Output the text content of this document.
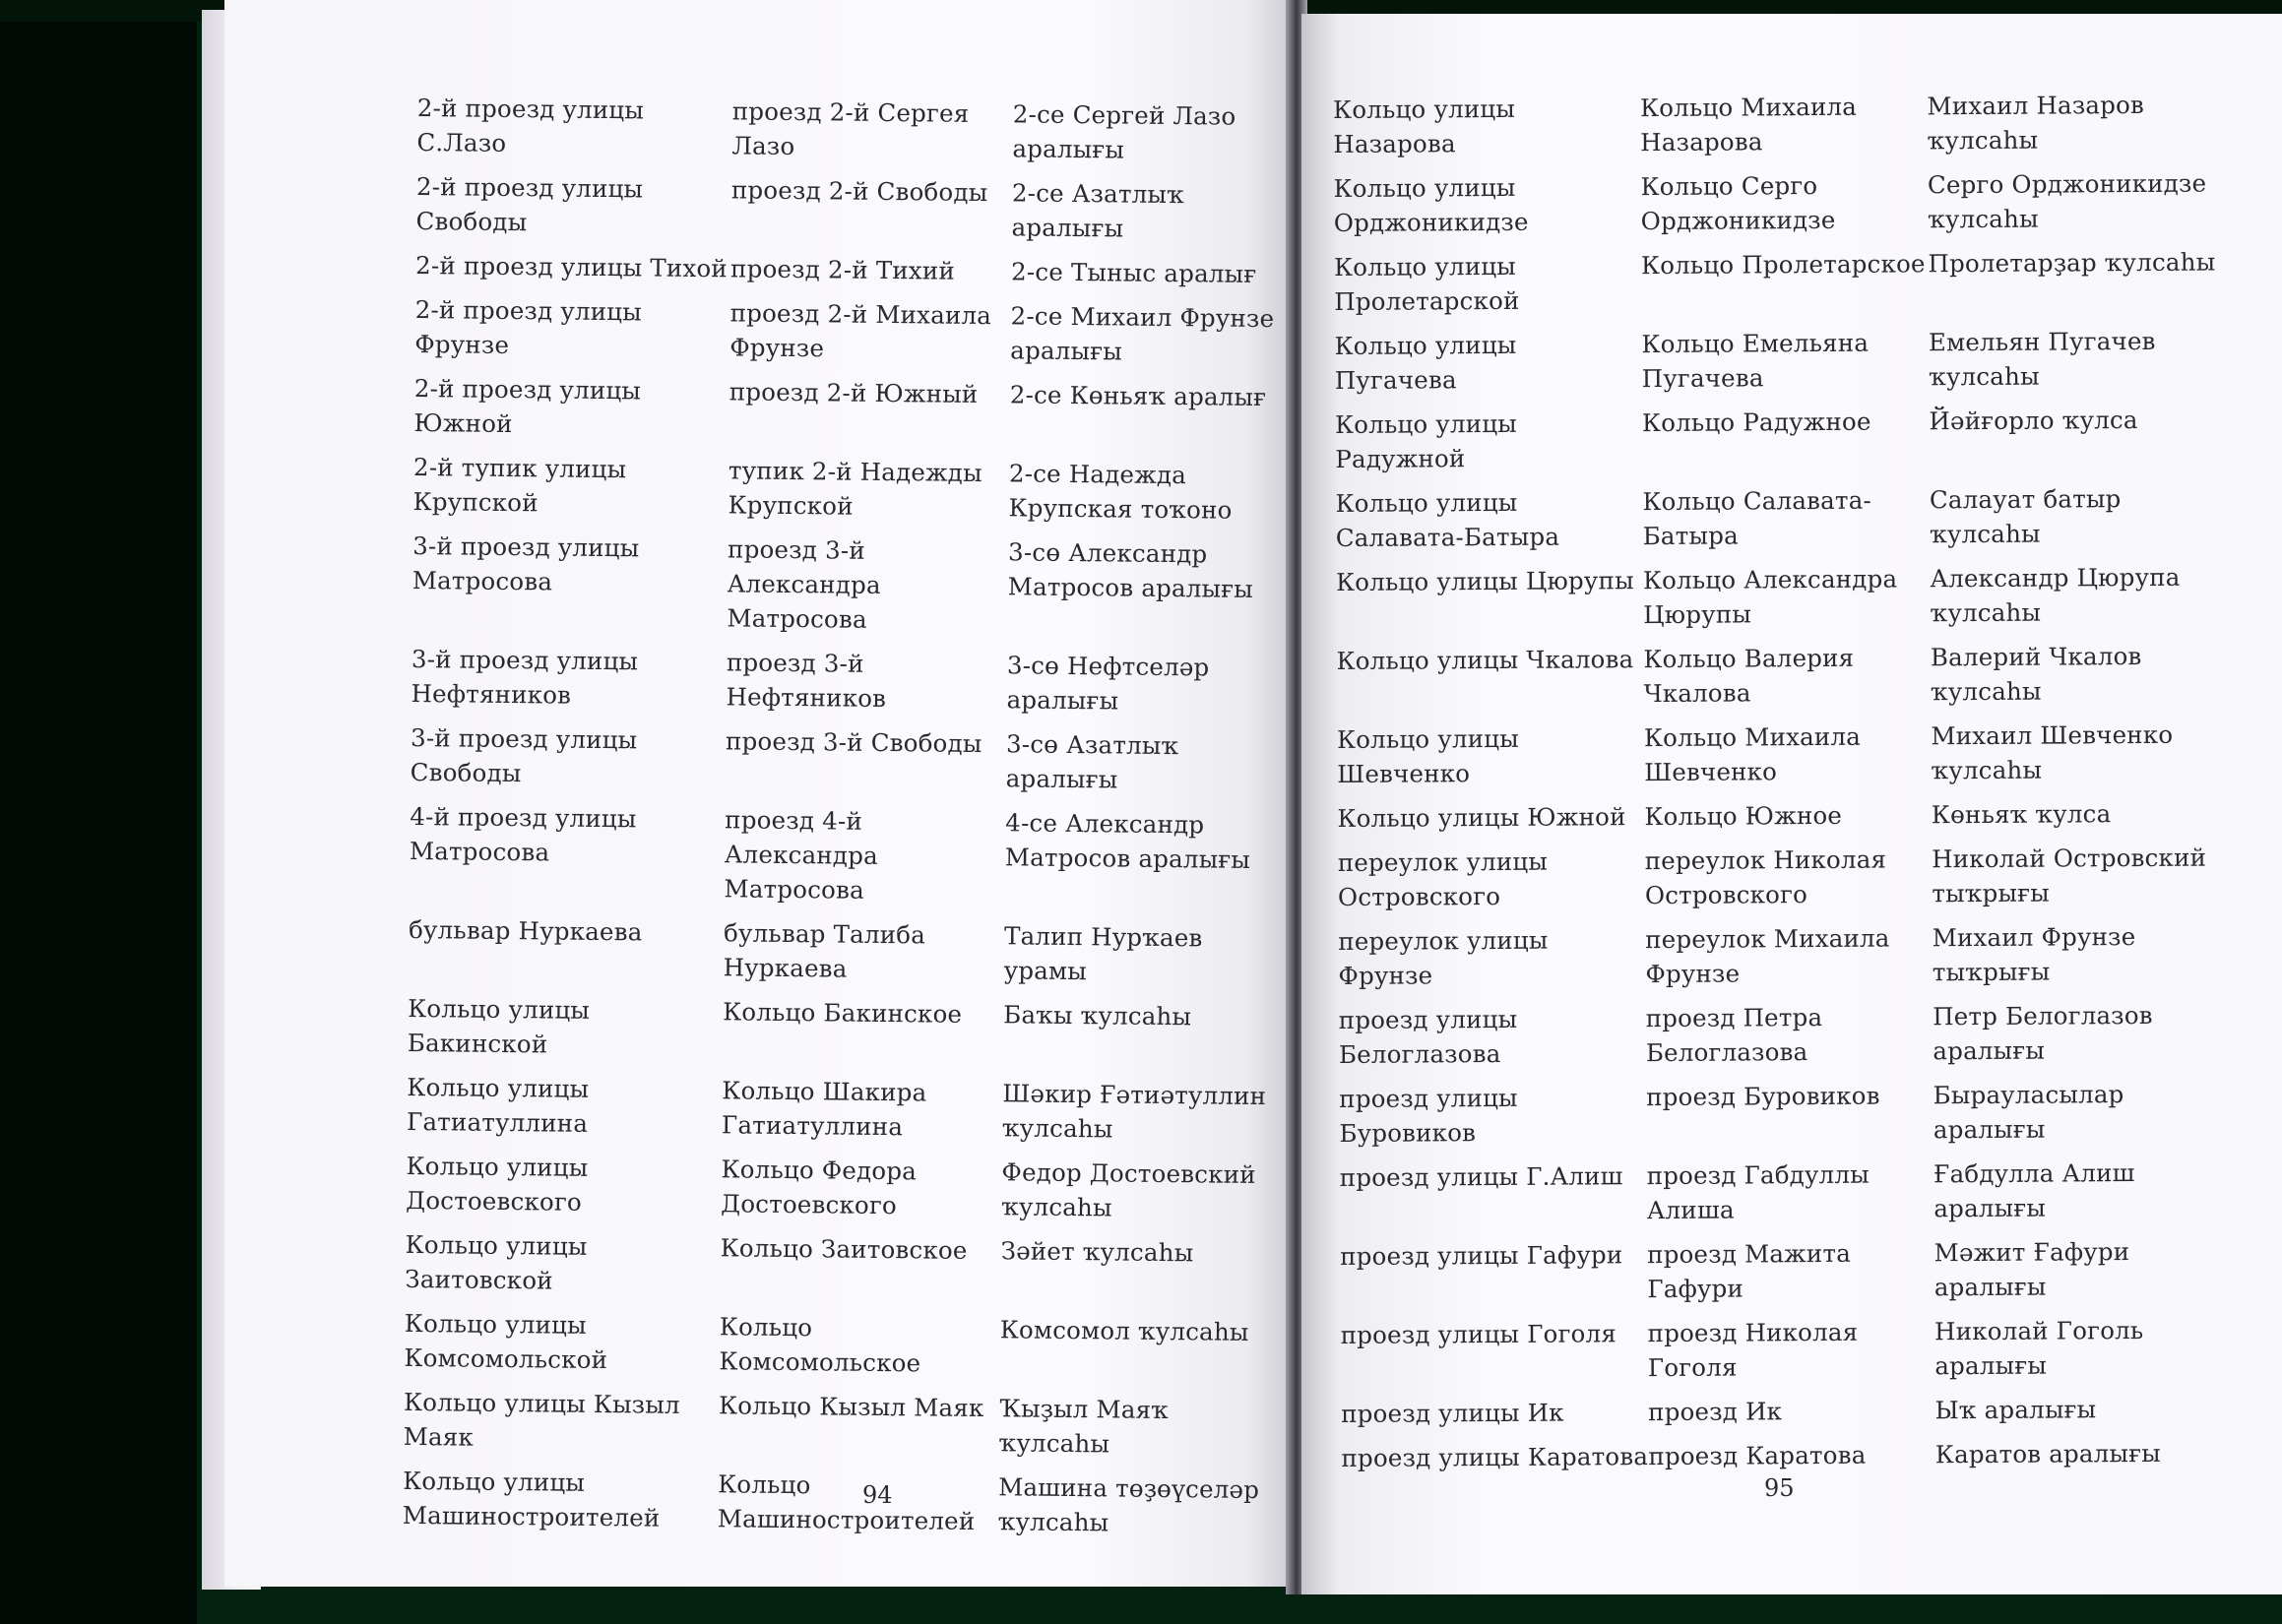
2-й проезд улицы С.Лазо	проезд 2-й Сергея Лазо	2-се Сергей Лазо аралығы
2-й проезд улицы Свободы	проезд 2-й Свободы	2-се Азатлыҡ аралығы
2-й проезд улицы Тихой	проезд 2-й Тихий	2-се Тыныс аралығ
2-й проезд улицы Фрунзе	проезд 2-й Михаила Фрунзе	2-се Михаил Фрунзе аралығы
2-й проезд улицы Южной	проезд 2-й Южный	2-се Көньяҡ аралығ
2-й тупик улицы Крупской	тупик 2-й Надежды Крупской	2-се Надежда Крупская тоҡоно
3-й проезд улицы Матросова	проезд 3-й Александра Матросова	3-сө Александр Матросов аралығы
3-й проезд улицы Нефтяников	проезд 3-й Нефтяников	3-сө Нефтселәр аралығы
3-й проезд улицы Свободы	проезд 3-й Свободы	3-сө Азатлыҡ аралығы
4-й проезд улицы Матросова	проезд 4-й Александра Матросова	4-се Александр Матросов аралығы
бульвар Нуркаева	бульвар Талиба Нуркаева	Талип Нурҡаев урамы
Кольцо улицы Бакинской	Кольцо Бакинское	Баҡы ҡулсаһы
Кольцо улицы Гатиатуллина	Кольцо Шакира Гатиатуллина	Шәкир Ғәтиәтуллин ҡулсаһы
Кольцо улицы Достоевского	Кольцо Федора Достоевского	Федор Достоевский ҡулсаһы
Кольцо улицы Заитовской	Кольцо Заитовское	Зәйет ҡулсаһы
Кольцо улицы Комсомольской	Кольцо Комсомольское	Комсомол ҡулсаһы
Кольцо улицы Кызыл Маяк	Кольцо Кызыл Маяк	Ҡыҙыл Маяҡ ҡулсаһы
Кольцо улицы Машиностроителей	Кольцо Машиностроителей	Машина төҙөүселәр ҡулсаһы
94
Кольцо улицы Назарова	Кольцо Михаила Назарова	Михаил Назаров ҡулсаһы
Кольцо улицы Орджоникидзе	Кольцо Серго Орджоникидзе	Серго Орджоникидзе ҡулсаһы
Кольцо улицы Пролетарской	Кольцо Пролетарское	Пролетарҙар ҡулсаһы
Кольцо улицы Пугачева	Кольцо Емельяна Пугачева	Емельян Пугачев ҡулсаһы
Кольцо улицы Радужной	Кольцо Радужное	Йәйғорло ҡулса
Кольцо улицы Салавата-Батыра	Кольцо Салавата-Батыра	Салауат батыр ҡулсаһы
Кольцо улицы Цюрупы	Кольцо Александра Цюрупы	Александр Цюрупа ҡулсаһы
Кольцо улицы Чкалова	Кольцо Валерия Чкалова	Валерий Чкалов ҡулсаһы
Кольцо улицы Шевченко	Кольцо Михаила Шевченко	Михаил Шевченко ҡулсаһы
Кольцо улицы Южной	Кольцо Южное	Көньяҡ ҡулса
переулок улицы Островского	переулок Николая Островского	Николай Островский тыҡрығы
переулок улицы Фрунзе	переулок Михаила Фрунзе	Михаил Фрунзе тыҡрығы
проезд улицы Белоглазова	проезд Петра Белоглазова	Петр Белоглазов аралығы
проезд улицы Буровиков	проезд Буровиков	Бырауласылар аралығы
проезд улицы Г.Алиш	проезд Габдуллы Алиша	Ғабдулла Алиш аралығы
проезд улицы Гафури	проезд Мажита Гафури	Мәжит Ғафури аралығы
проезд улицы Гоголя	проезд Николая Гоголя	Николай Гоголь аралығы
проезд улицы Ик	проезд Ик	Ыҡ аралығы
проезд улицы Каратова	проезд Каратова	Каратов аралығы
95
